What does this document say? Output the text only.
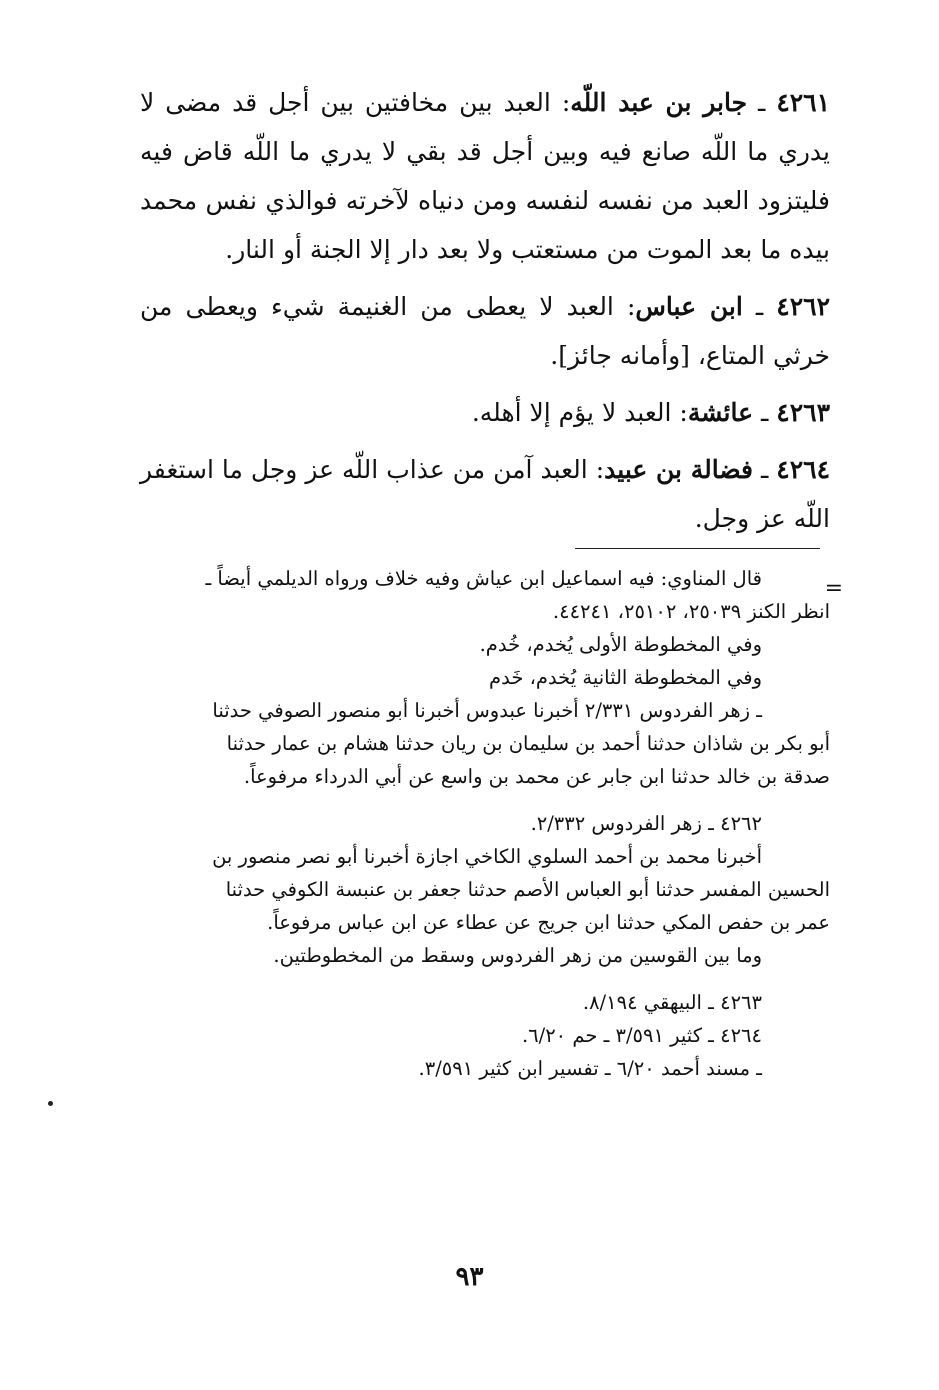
٤٢٦١ ـ جابر بن عبد اللّه: العبد بين مخافتين بين أجل قد مضى لا يدري ما اللّه صانع فيه وبين أجل قد بقي لا يدري ما اللّه قاض فيه فليتزود العبد من نفسه لنفسه ومن دنياه لآخرته فوالذي نفس محمد بيده ما بعد الموت من مستعتب ولا بعد دار إلا الجنة أو النار.

٤٢٦٢ ـ ابن عباس: العبد لا يعطى من الغنيمة شيء ويعطى من خرثي المتاع، [وأمانه جائز].

٤٢٦٣ ـ عائشة: العبد لا يؤم إلا أهله.

٤٢٦٤ ـ فضالة بن عبيد: العبد آمن من عذاب اللّه عز وجل ما استغفر اللّه عز وجل.

=
قال المناوي: فيه اسماعيل ابن عياش وفيه خلاف ورواه الديلمي أيضاً ـ
انظر الكنز ٢٥٠٣٩، ٢٥١٠٢، ٤٤٢٤١.
وفي المخطوطة الأولى يُخدم، خُدم.
وفي المخطوطة الثانية يُخدم، خَدم
ـ زهر الفردوس ٢/٣٣١ أخبرنا عبدوس أخبرنا أبو منصور الصوفي حدثنا
أبو بكر بن شاذان حدثنا أحمد بن سليمان بن ريان حدثنا هشام بن عمار حدثنا
صدقة بن خالد حدثنا ابن جابر عن محمد بن واسع عن أبي الدرداء مرفوعاً.
٤٢٦٢ ـ زهر الفردوس ٢/٣٣٢.
أخبرنا محمد بن أحمد السلوي الكاخي اجازة أخبرنا أبو نصر منصور بن
الحسين المفسر حدثنا أبو العباس الأصم حدثنا جعفر بن عنبسة الكوفي حدثنا
عمر بن حفص المكي حدثنا ابن جريج عن عطاء عن ابن عباس مرفوعاً.
وما بين القوسين من زهر الفردوس وسقط من المخطوطتين.
٤٢٦٣ ـ البيهقي ٨/١٩٤.
٤٢٦٤ ـ كثير ٣/٥٩١ ـ حم ٦/٢٠.
ـ مسند أحمد ٦/٢٠ ـ تفسير ابن كثير ٣/٥٩١.
٩٣
